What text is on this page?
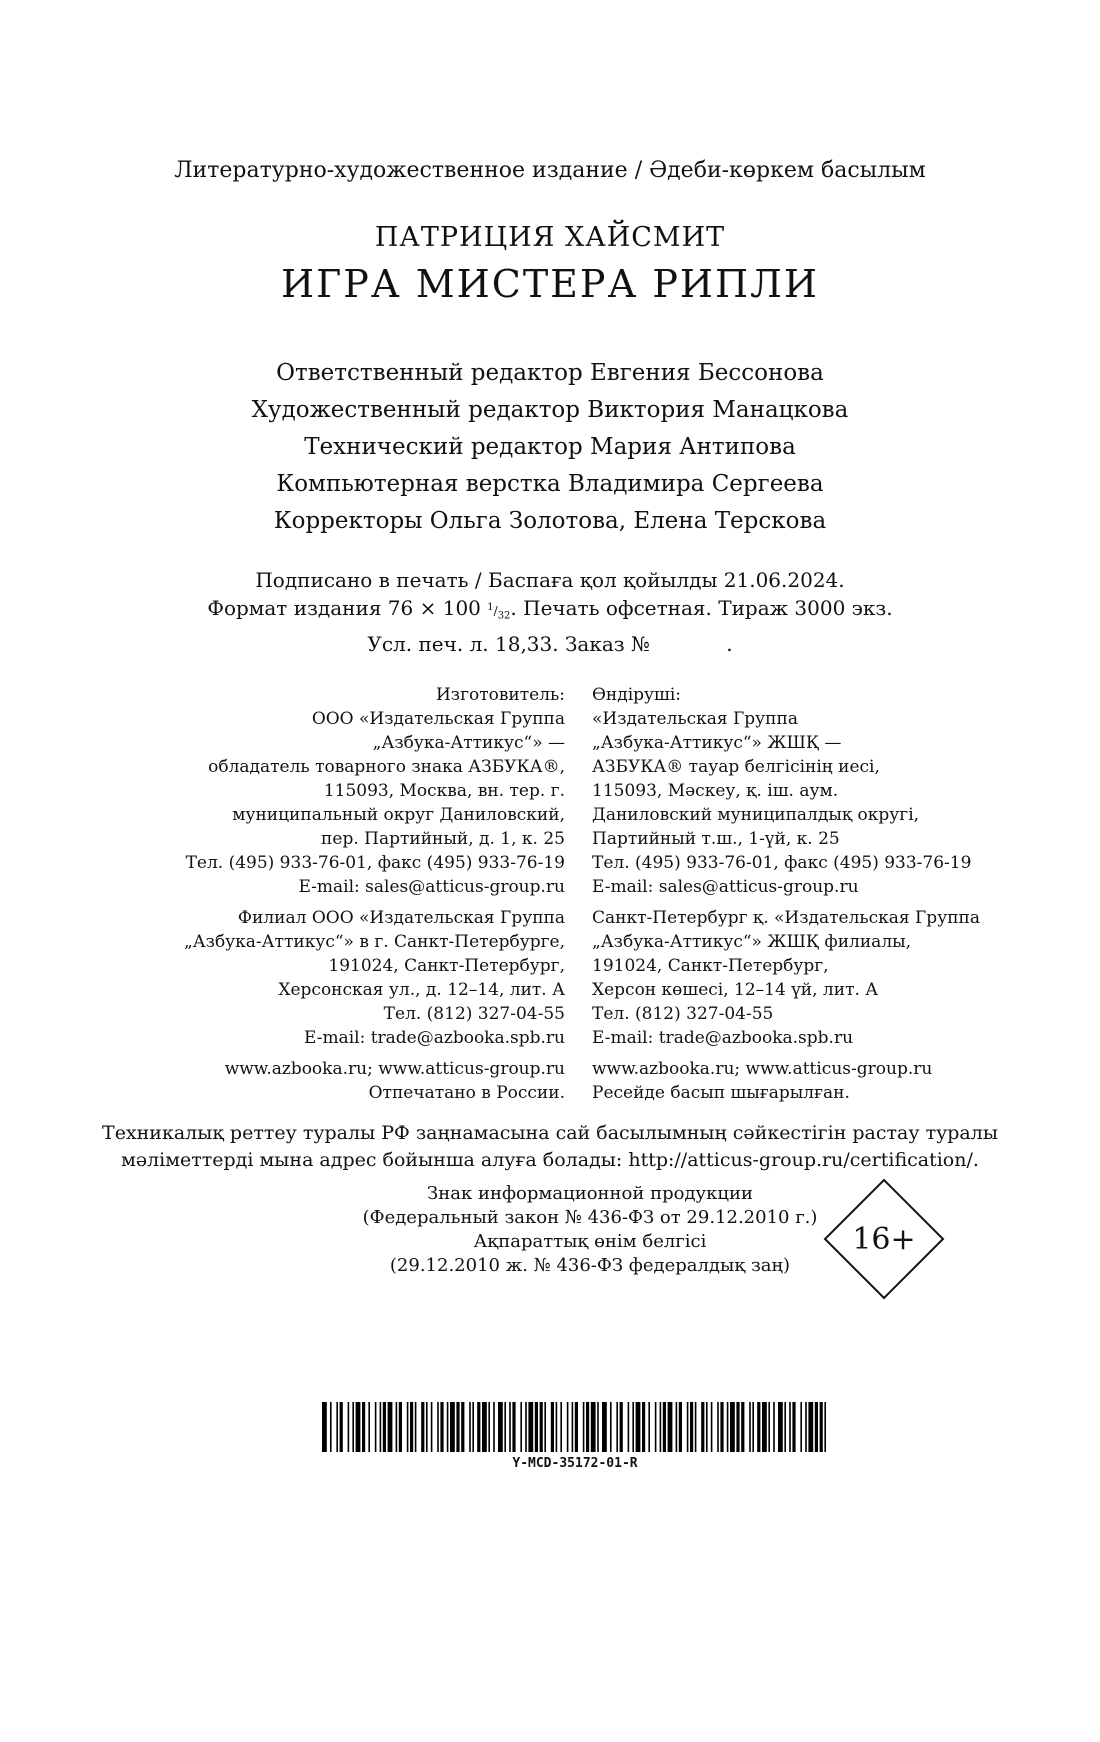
Литературно-художественное издание / Әдеби-көркем басылым
ПАТРИЦИЯ ХАЙСМИТ
ИГРА МИСТЕРА РИПЛИ
Ответственный редактор Евгения Бессонова
Художественный редактор Виктория Манацкова
Технический редактор Мария Антипова
Компьютерная верстка Владимира Сергеева
Корректоры Ольга Золотова, Елена Терскова
Подписано в печать / Баспаға қол қойылды 21.06.2024.
Формат издания 76 × 100 $^1/_{32}$. Печать офсетная. Тираж 3000 экз.
Усл. печ. л. 18,33. Заказ №            .
Изготовитель:
ООО «Издательская Группа
„Азбука-Аттикус“» —
обладатель товарного знака АЗБУКА®,
115093, Москва, вн. тер. г.
муниципальный округ Даниловский,
пер. Партийный, д. 1, к. 25
Тел. (495) 933-76-01, факс (495) 933-76-19
E-mail: sales@atticus-group.ru
Филиал ООО «Издательская Группа
„Азбука-Аттикус“» в г. Санкт-Петербурге,
191024, Санкт-Петербург,
Херсонская ул., д. 12–14, лит. А
Тел. (812) 327-04-55
E-mail: trade@azbooka.spb.ru
www.azbooka.ru; www.atticus-group.ru
Отпечатано в России.
Өндіруші:
«Издательская Группа
„Азбука-Аттикус“» ЖШҚ —
АЗБУКА® тауар белгісінің иесі,
115093, Мәскеу, қ. іш. аум.
Даниловский муниципалдық округі,
Партийный т.ш., 1-үй, к. 25
Тел. (495) 933-76-01, факс (495) 933-76-19
E-mail: sales@atticus-group.ru
Санкт-Петербург қ. «Издательская Группа
„Азбука-Аттикус“» ЖШҚ филиалы,
191024, Санкт-Петербург,
Херсон көшесі, 12–14 үй, лит. А
Тел. (812) 327-04-55
E-mail: trade@azbooka.spb.ru
www.azbooka.ru; www.atticus-group.ru
Ресейде басып шығарылған.
Техникалық реттеу туралы РФ заңнамасына сай басылымның сәйкестігін растау туралы
мәліметтерді мына адрес бойынша алуға болады: http://atticus-group.ru/certification/.
Знак информационной продукции
(Федеральный закон № 436-ФЗ от 29.12.2010 г.)
Ақпараттық өнім белгісі
(29.12.2010 ж. № 436-ФЗ федералдық заң)
16+
Y-MCD-35172-01-R
